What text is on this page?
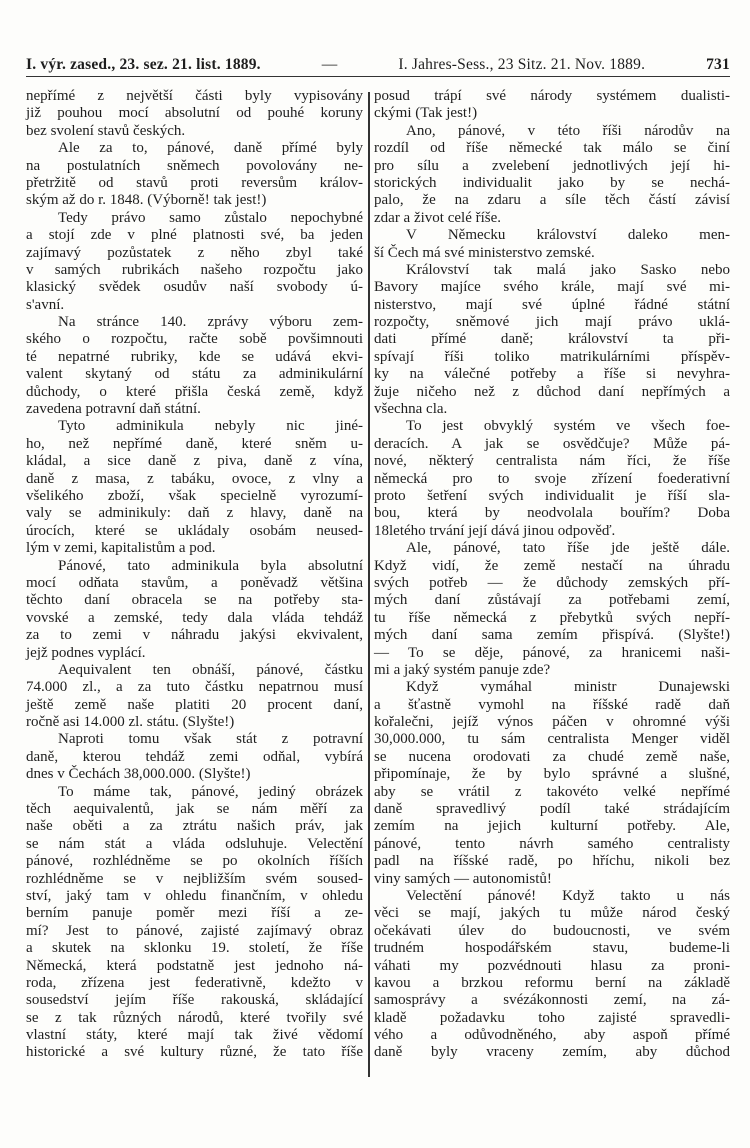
I. výr. zased., 23. sez. 21. list. 1889.	—	I. Jahres-Sess., 23 Sitz. 21. Nov. 1889.	731
nepřímé z největší části byly vypisovány
již pouhou mocí absolutní od pouhé koruny
bez svolení stavů českých.
Ale za to, pánové, daně přímé byly
na postulatních sněmech povolovány ne-
přetržitě od stavů proti reversům králov-
ským až do r. 1848. (Výborně! tak jest!)
Tedy právo samo zůstalo nepochybné
a stojí zde v plné platnosti své, ba jeden
zajímavý pozůstatek z něho zbyl také
v samých rubrikách našeho rozpočtu jako
klasický svědek osudův naší svobody ú-
s'avní.
Na stránce 140. zprávy výboru zem-
ského o rozpočtu, račte sobě povšimnouti
té nepatrné rubriky, kde se udává ekvi-
valent skytaný od státu za adminikulární
důchody, o které přišla česká země, když
zavedena potravní daň státní.
Tyto adminikula nebyly nic jiné-
ho, než nepřímé daně, které sněm u-
kládal, a sice daně z piva, daně z vína,
daně z masa, z tabáku, ovoce, z vlny a
všelikého zboží, však specielně vyrozumí-
valy se adminikuly: daň z hlavy, daně na
úrocích, které se ukládaly osobám neused-
lým v zemi, kapitalistům a pod.
Pánové, tato adminikula byla absolutní
mocí odňata stavům, a poněvadž většina
těchto daní obracela se na potřeby sta-
vovské a zemské, tedy dala vláda tehdáž
za to zemi v náhradu jakýsi ekvivalent,
jejž podnes vyplácí.
Aequivalent ten obnáší, pánové, částku
74.000 zl., a za tuto částku nepatrnou musí
ještě země naše platiti 20 procent daní,
ročně asi 14.000 zl. státu. (Slyšte!)
Naproti tomu však stát z potravní
daně, kterou tehdáž zemi odňal, vybírá
dnes v Čechách 38,000.000. (Slyšte!)
To máme tak, pánové, jediný obrázek
těch aequivalentů, jak se nám měří za
naše oběti a za ztrátu našich práv, jak
se nám stát a vláda odsluhuje. Velectění
pánové, rozhlédněme se po okolních říších
rozhlédněme se v nejbližším svém soused-
ství, jaký tam v ohledu finančním, v ohledu
berním panuje poměr mezi říší a ze-
mí? Jest to pánové, zajisté zajímavý obraz
a skutek na sklonku 19. století, že říše
Německá, která podstatně jest jednoho ná-
roda, zřízena jest federativně, kdežto v
sousedství jejím říše rakouská, skládající
se z tak různých národů, které tvořily své
vlastní státy, které mají tak živé vědomí
historické a své kultury různé, že tato říše
posud trápí své národy systémem dualisti-
ckými (Tak jest!)
Ano, pánové, v této říši národův na
rozdíl od říše německé tak málo se činí
pro sílu a zvelebení jednotlivých její hi-
storických individualit jako by se nechá-
palo, že na zdaru a síle těch částí závisí
zdar a život celé říše.
V Německu království daleko men-
ší Čech má své ministerstvo zemské.
Království tak malá jako Sasko nebo
Bavory majíce svého krále, mají své mi-
nisterstvo, mají své úplné řádné státní
rozpočty, sněmové jich mají právo uklá-
dati přímé daně; království ta při-
spívají říši toliko matrikulárními příspěv-
ky na válečné potřeby a říše si nevyhra-
žuje ničeho než z důchod daní nepřímých a
všechna cla.
To jest obvyklý systém ve všech foe-
deracích. A jak se osvědčuje? Může pá-
nové, některý centralista nám říci, že říše
německá pro to svoje zřízení foederativní
proto šetření svých individualit je říší sla-
bou, která by neodvolala bouřím? Doba
18letého trvání její dává jinou odpověď.
Ale, pánové, tato říše jde ještě dále.
Když vidí, že země nestačí na úhradu
svých potřeb — že důchody zemských pří-
mých daní zůstávají za potřebami zemí,
tu říše německá z přebytků svých nepří-
mých daní sama zemím přispívá. (Slyšte!)
— To se děje, pánové, za hranicemi naši-
mi a jaký systém panuje zde?
Když vymáhal ministr Dunajewski
a šťastně vymohl na říšské radě daň
kořalečni, jejíž výnos páčen v ohromné výši
30,000.000, tu sám centralista Menger viděl
se nucena orodovati za chudé země naše,
připomínaje, že by bylo správné a slušné,
aby se vrátil z takovéto velké nepřímé
daně spravedlivý podíl také strádajícím
zemím na jejich kulturní potřeby. Ale,
pánové, tento návrh samého centralisty
padl na říšské radě, po hříchu, nikoli bez
viny samých — autonomistů!
Velectění pánové! Když takto u nás
věci se mají, jakých tu může národ český
očekávati úlev do budoucnosti, ve svém
trudném hospodářském stavu, budeme-li
váhati my pozvédnouti hlasu za proni-
kavou a brzkou reformu berní na základě
samosprávy a svézákonnosti zemí, na zá-
kladě požadavku toho zajisté spravedli-
vého a odůvodněného, aby aspoň přímé
daně byly vraceny zemím, aby důchod
